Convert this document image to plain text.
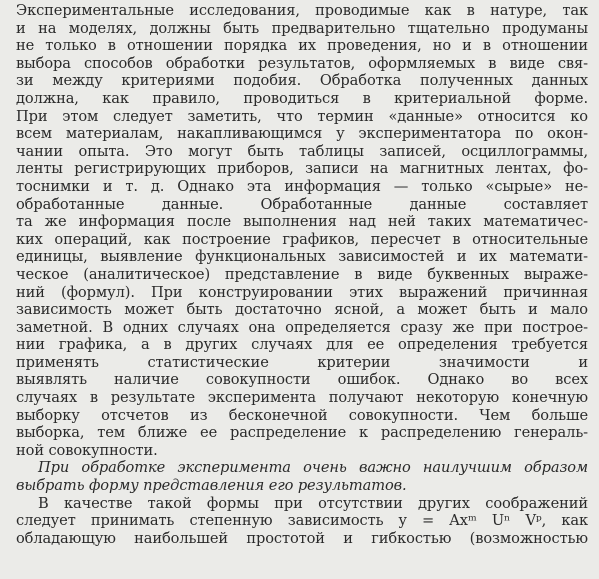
Экспериментальные исследования, проводимые как в натуре, так
и на моделях, должны быть предварительно тщательно продуманы
не только в отношении порядка их проведения, но и в отношении
выбора способов обработки результатов, оформляемых в виде свя-
зи между критериями подобия. Обработка полученных данных
должна, как правило, проводиться в критериальной форме.
При этом следует заметить, что термин «данные» относится ко
всем материалам, накапливающимся у экспериментатора по окон-
чании опыта. Это могут быть таблицы записей, осциллограммы,
ленты регистрирующих приборов, записи на магнитных лентах, фо-
тоснимки и т. д. Однако эта информация — только «сырые» не-
обработанные данные. Обработанные данные составляет
та же информация после выполнения над ней таких математичес-
ких операций, как построение графиков, пересчет в относительные
единицы, выявление функциональных зависимостей и их математи-
ческое (аналитическое) представление в виде буквенных выраже-
ний (формул). При конструировании этих выражений причинная
зависимость может быть достаточно ясной, а может быть и мало
заметной. В одних случаях она определяется сразу же при построе-
нии графика, а в других случаях для ее определения требуется
применять статистические критерии значимости и
выявлять наличие совокупности ошибок. Однако во всех
случаях в результате эксперимента получают некоторую конечную
выборку отсчетов из бесконечной совокупности. Чем больше
выборка, тем ближе ее распределение к распределению генераль-
ной совокупности.
При обработке эксперимента очень важно наилучшим образом
выбрать форму представления его результатов.
В качестве такой формы при отсутствии других соображений
следует принимать степенную зависимость y = Axᵐ Uⁿ Vᵖ, как
обладающую наибольшей простотой и гибкостью (возможностью
